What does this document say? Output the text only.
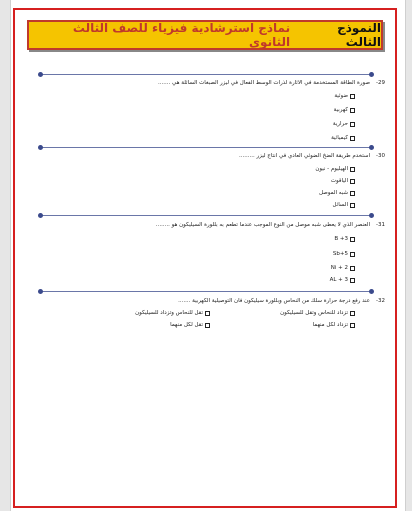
النموذج الثالث
نماذج استرشادية فيزياء للصف الثالث الثانوى
29-صورة الطاقة المستخدمة في الاثارة لذرات الوسط الفعال في ليزر الصبغات السائلة هي .......
ضوئية
كهربية
حرارية
كيميائية
30-استخدم طريقة الضخ الضوئي العادي في انتاج ليزر .........
الهيليوم - نيون
الياقوت
شبه الموصل
السائل
31-العنصر الذي لا يعطى شبه موصل من النوع الموجب عندما تطعم به بللورة السيليكون هو ........
B +3
Sb+5
Ni + 2
AL + 3
32-عند رفع درجة حرارة سلك من النحاس وبللورة سيليكون فان التوصيلية الكهربية .......
تزداد للنحاس وتقل للسيليكون
تقل للنحاس وتزداد للسيليكون
تزداد لكل منهما
تقل لكل منهما
